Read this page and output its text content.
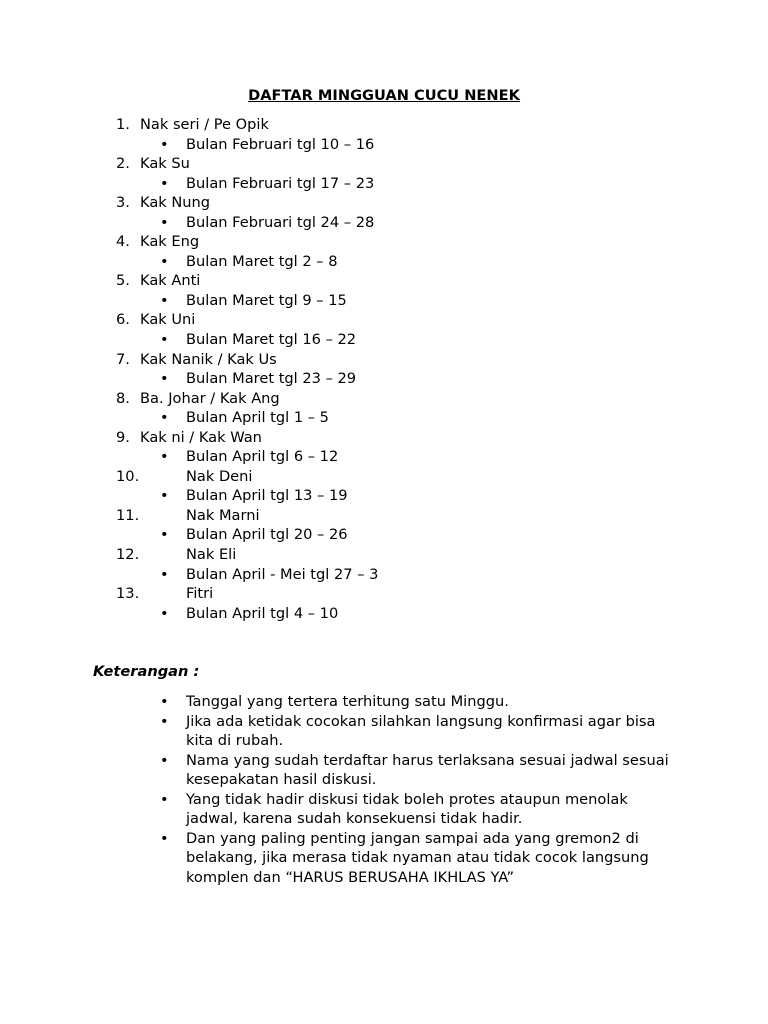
DAFTAR MINGGUAN CUCU NENEK
1. Nak seri / Pe Opik
• Bulan Februari tgl 10 – 16
2. Kak Su
• Bulan Februari tgl 17 – 23
3. Kak Nung
• Bulan Februari tgl 24 – 28
4. Kak Eng
• Bulan Maret tgl 2 – 8
5. Kak Anti
• Bulan Maret tgl 9 – 15
6. Kak Uni
• Bulan Maret tgl 16 – 22
7. Kak Nanik / Kak Us
• Bulan Maret tgl 23 – 29
8. Ba. Johar / Kak Ang
• Bulan April tgl 1 – 5
9. Kak ni / Kak Wan
• Bulan April tgl 6 – 12
10.	Nak Deni
• Bulan April tgl 13 – 19
11.	Nak Marni
• Bulan April tgl 20 – 26
12.	Nak Eli
• Bulan April - Mei tgl 27 – 3
13.	Fitri
• Bulan April tgl 4 – 10
Keterangan :
• Tanggal yang tertera terhitung satu Minggu.
• Jika ada ketidak cocokan silahkan langsung konfirmasi agar bisa kita di rubah.
• Nama yang sudah terdaftar harus terlaksana sesuai jadwal sesuai kesepakatan hasil diskusi.
• Yang tidak hadir diskusi tidak boleh protes ataupun menolak jadwal, karena sudah konsekuensi tidak hadir.
• Dan yang paling penting jangan sampai ada yang gremon2 di belakang, jika merasa tidak nyaman atau tidak cocok langsung komplen dan “HARUS BERUSAHA IKHLAS YA”
